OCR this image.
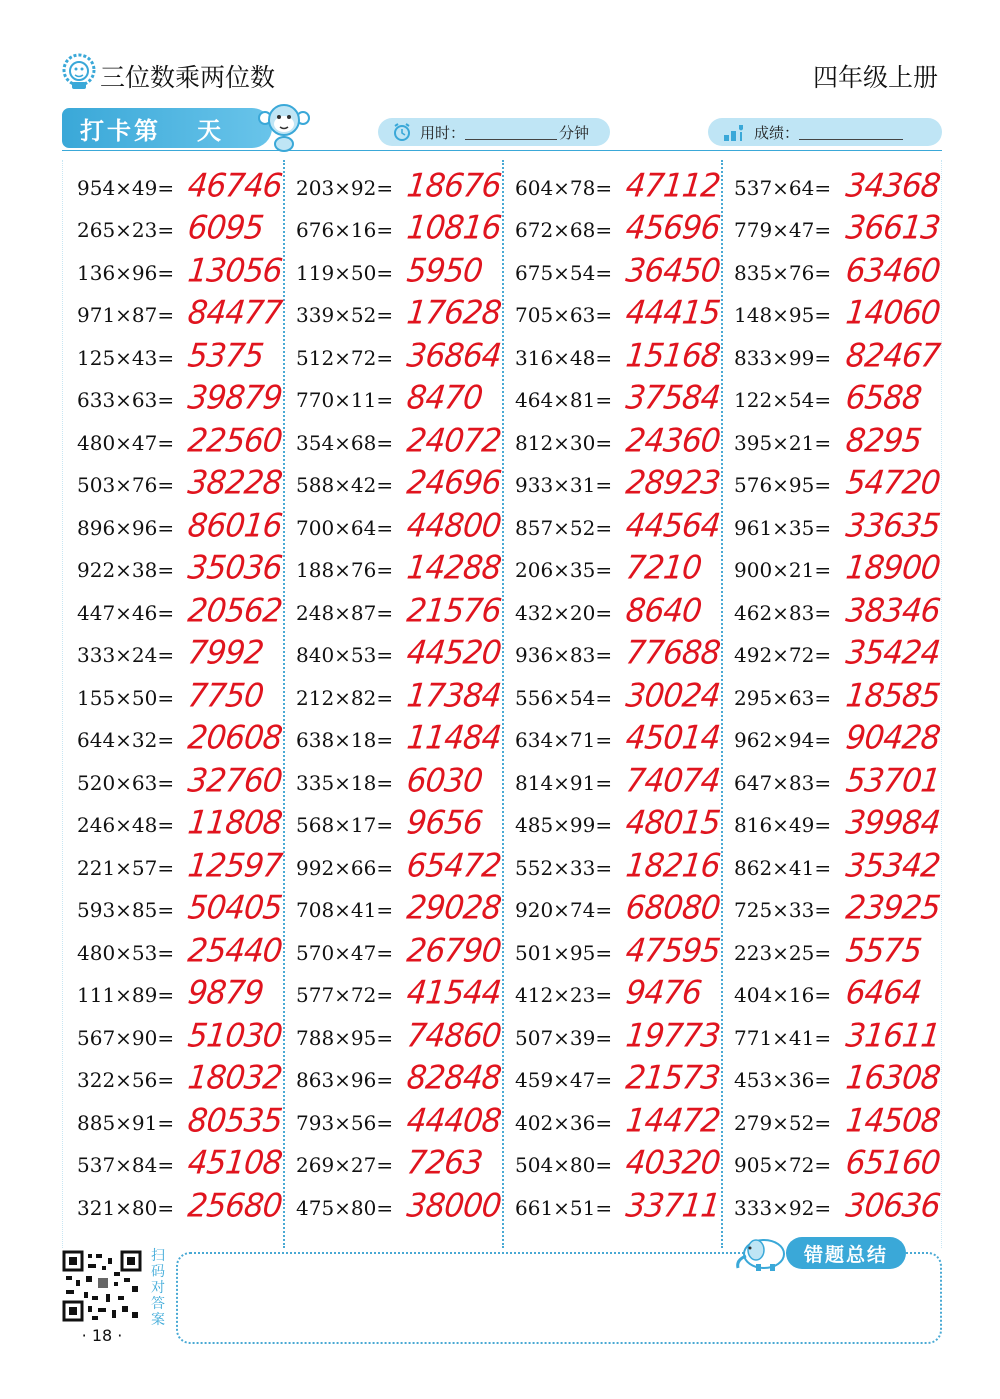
三位数乘两位数	四年级上册
打卡第 天	用时：	分钟	成绩：
954×49= 46746
265×23= 6095
136×96= 13056
971×87= 84477
125×43= 5375
633×63= 39879
480×47= 22560
503×76= 38228
896×96= 86016
922×38= 35036
447×46= 20562
333×24= 7992
155×50= 7750
644×32= 20608
520×63= 32760
246×48= 11808
221×57= 12597
593×85= 50405
480×53= 25440
111×89= 9879
567×90= 51030
322×56= 18032
885×91= 80535
537×84= 45108
321×80= 25680
203×92= 18676
676×16= 10816
119×50= 5950
339×52= 17628
512×72= 36864
770×11= 8470
354×68= 24072
588×42= 24696
700×64= 44800
188×76= 14288
248×87= 21576
840×53= 44520
212×82= 17384
638×18= 11484
335×18= 6030
568×17= 9656
992×66= 65472
708×41= 29028
570×47= 26790
577×72= 41544
788×95= 74860
863×96= 82848
793×56= 44408
269×27= 7263
475×80= 38000
604×78= 47112
672×68= 45696
675×54= 36450
705×63= 44415
316×48= 15168
464×81= 37584
812×30= 24360
933×31= 28923
857×52= 44564
206×35= 7210
432×20= 8640
936×83= 77688
556×54= 30024
634×71= 45014
814×91= 74074
485×99= 48015
552×33= 18216
920×74= 68080
501×95= 47595
412×23= 9476
507×39= 19773
459×47= 21573
402×36= 14472
504×80= 40320
661×51= 33711
537×64= 34368
779×47= 36613
835×76= 63460
148×95= 14060
833×99= 82467
122×54= 6588
395×21= 8295
576×95= 54720
961×35= 33635
900×21= 18900
462×83= 38346
492×72= 35424
295×63= 18585
962×94= 90428
647×83= 53701
816×49= 39984
862×41= 35342
725×33= 23925
223×25= 5575
404×16= 6464
771×41= 31611
453×36= 16308
279×52= 14508
905×72= 65160
333×92= 30636
扫码对答案
· 18 ·
错题总结
